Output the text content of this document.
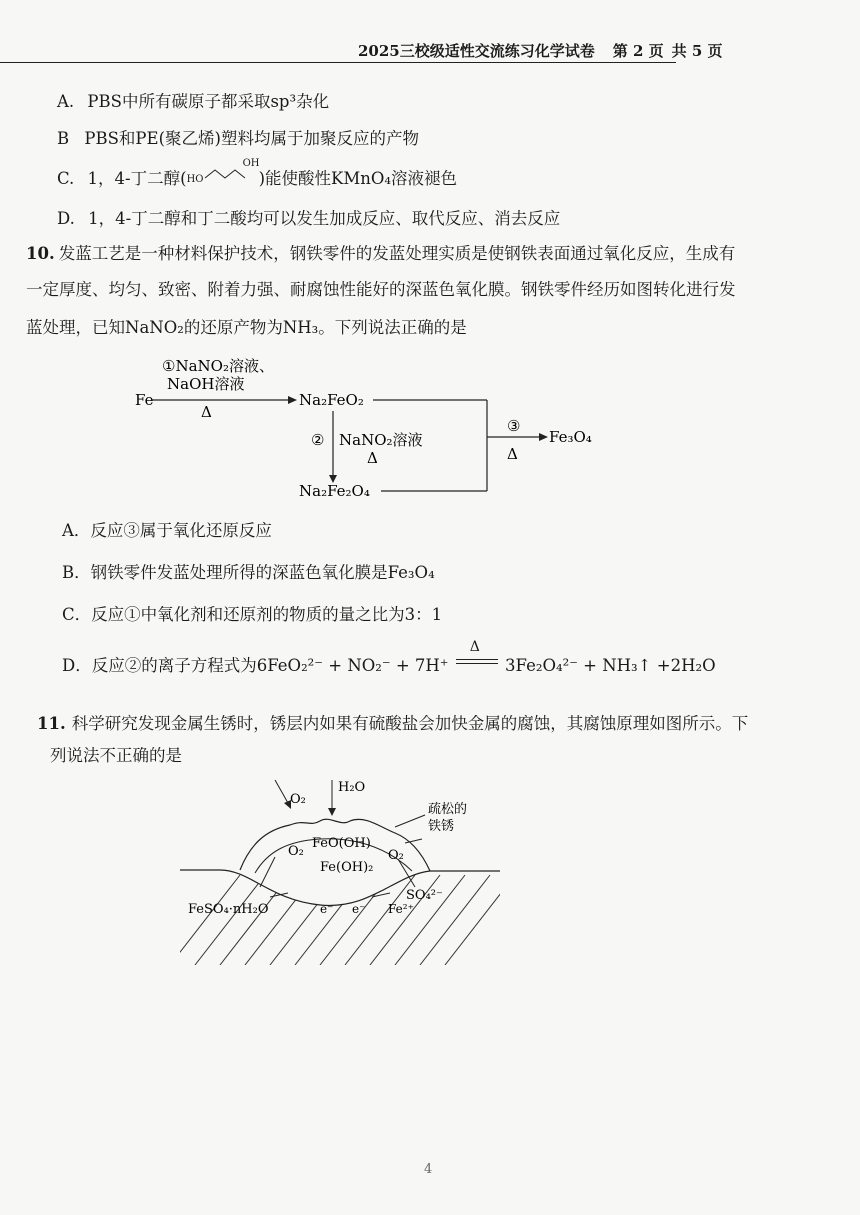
2025三校级适性交流练习化学试卷 第 2 页 共 5 页
A. PBS中所有碳原子都采取sp³杂化
B PBS和PE(聚乙烯)塑料均属于加聚反应的产物
C. 1，4-丁二醇( HO
OH
)能使酸性KMnO₄溶液褪色
D. 1，4-丁二醇和丁二酸均可以发生加成反应、取代反应、消去反应
10. 发蓝工艺是一种材料保护技术，钢铁零件的发蓝处理实质是使钢铁表面通过氧化反应，生成有
一定厚度、均匀、致密、附着力强、耐腐蚀性能好的深蓝色氧化膜。钢铁零件经历如图转化进行发
蓝处理，已知NaNO₂的还原产物为NH₃。下列说法正确的是
Fe
①NaNO₂溶液、
NaOH溶液
Δ
Na₂FeO₂
③
Δ
Fe₃O₄
② NaNO₂溶液
Δ
Na₂Fe₂O₄
A．反应③属于氧化还原反应
B．钢铁零件发蓝处理所得的深蓝色氧化膜是Fe₃O₄
C．反应①中氧化剂和还原剂的物质的量之比为3：1
D．反应②的离子方程式为6FeO₂²⁻ + NO₂⁻ + 7H⁺
Δ
3Fe₂O₄²⁻ + NH₃↑ +2H₂O
11. 科学研究发现金属生锈时，锈层内如果有硫酸盐会加快金属的腐蚀，其腐蚀原理如图所示。下
列说法不正确的是
O₂
H₂O
疏松的
铁锈
O₂
FeO(OH)
O₂
Fe(OH)₂
SO₄²⁻
FeSO₄·nH₂O	e⁻ e⁻ Fe²⁺
4
